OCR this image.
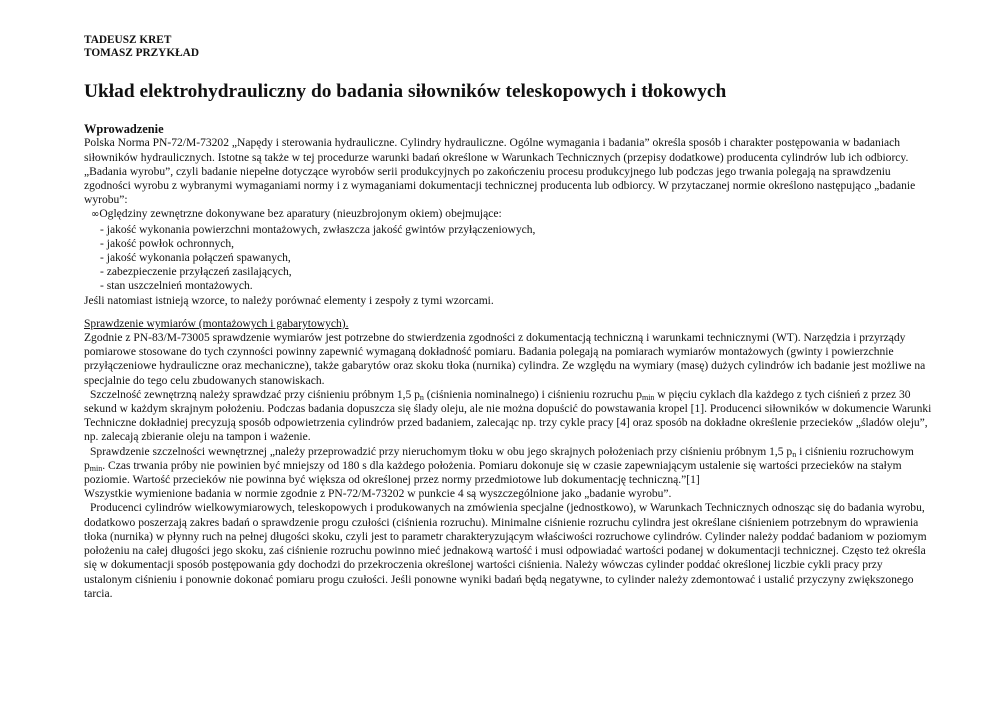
TADEUSZ KRET
TOMASZ PRZYKŁAD
Układ elektrohydrauliczny do badania siłowników teleskopowych i tłokowych
Wprowadzenie

Polska Norma PN-72/M-73202 „Napędy i sterowania hydrauliczne. Cylindry hydrauliczne. Ogólne wymagania i badania” określa sposób i charakter postępowania w badaniach siłowników hydraulicznych. Istotne są także w tej procedurze warunki badań określone w Warunkach Technicznych (przepisy dodatkowe) producenta cylindrów lub ich odbiorcy. „Badania wyrobu”, czyli badanie niepełne dotyczące wyrobów serii produkcyjnych po zakończeniu procesu produkcyjnego lub podczas jego trwania polegają na sprawdzeniu zgodności wyrobu z wybranymi wymaganiami normy i z wymaganiami dokumentacji technicznej producenta lub odbiorcy. W przytaczanej normie określono następująco „badanie wyrobu”:

∞Oględziny zewnętrzne dokonywane bez aparatury (nieuzbrojonym okiem) obejmujące:
- jakość wykonania powierzchni montażowych, zwłaszcza jakość gwintów przyłączeniowych,
- jakość powłok ochronnych,
- jakość wykonania połączeń spawanych,
- zabezpieczenie przyłączeń zasilających,
- stan uszczelnień montażowych.

Jeśli natomiast istnieją wzorce, to należy porównać elementy i zespoły z tymi wzorcami.

Sprawdzenie wymiarów (montażowych i gabarytowych).

Zgodnie z PN-83/M-73005 sprawdzenie wymiarów jest potrzebne do stwierdzenia zgodności z dokumentacją techniczną i warunkami technicznymi (WT). Narzędzia i przyrządy pomiarowe stosowane do tych czynności powinny zapewnić wymaganą dokładność pomiaru. Badania polegają na pomiarach wymiarów montażowych (gwinty i powierzchnie przyłączeniowe hydrauliczne oraz mechaniczne), także gabarytów oraz skoku tłoka (nurnika) cylindra. Ze względu na wymiary (masę) dużych cylindrów ich badanie jest możliwe na specjalnie do tego celu zbudowanych stanowiskach.

Szczelność zewnętrzną należy sprawdzać przy ciśnieniu próbnym 1,5 $p_n$ (ciśnienia nominalnego) i ciśnieniu rozruchu $p_{min}$ w pięciu cyklach dla każdego z tych ciśnień z przez 30 sekund w każdym skrajnym położeniu. Podczas badania dopuszcza się ślady oleju, ale nie można dopuścić do powstawania kropel [1]. Producenci siłowników w dokumencie Warunki Techniczne dokładniej precyzują sposób odpowietrzenia cylindrów przed badaniem, zalecając np. trzy cykle pracy [4] oraz sposób na dokładne określenie przecieków „śladów oleju”, np. zalecają zbieranie oleju na tampon i ważenie.

Sprawdzenie szczelności wewnętrznej „należy przeprowadzić przy nieruchomym tłoku w obu jego skrajnych położeniach przy ciśnieniu próbnym 1,5 $p_n$ i ciśnieniu rozruchowym $p_{min}$. Czas trwania próby nie powinien być mniejszy od 180 s dla każdego położenia. Pomiaru dokonuje się w czasie zapewniającym ustalenie się wartości przecieków na stałym poziomie. Wartość przecieków nie powinna być większa od określonej przez normy przedmiotowe lub dokumentację techniczną.”[1]

Wszystkie wymienione badania w normie zgodnie z PN-72/M-73202 w punkcie 4 są wyszczególnione jako „badanie wyrobu”.

Producenci cylindrów wielkowymiarowych, teleskopowych i produkowanych na zmówienia specjalne (jednostkowo), w Warunkach Technicznych odnosząc się do badania wyrobu, dodatkowo poszerzają zakres badań o sprawdzenie progu czułości (ciśnienia rozruchu). Minimalne ciśnienie rozruchu cylindra jest określane ciśnieniem potrzebnym do wprawienia tłoka (nurnika) w płynny ruch na pełnej długości skoku, czyli jest to parametr charakteryzującym właściwości rozruchowe cylindrów. Cylinder należy poddać badaniom w poziomym położeniu na całej długości jego skoku, zaś ciśnienie rozruchu powinno mieć jednakową wartość i musi odpowiadać wartości podanej w dokumentacji technicznej. Często też określa się w dokumentacji sposób postępowania gdy dochodzi do przekroczenia określonej wartości ciśnienia. Należy wówczas cylinder poddać określonej liczbie cykli pracy przy ustalonym ciśnieniu i ponownie dokonać pomiaru progu czułości. Jeśli ponowne wyniki badań będą negatywne, to cylinder należy zdemontować i ustalić przyczyny zwiększonego tarcia.
